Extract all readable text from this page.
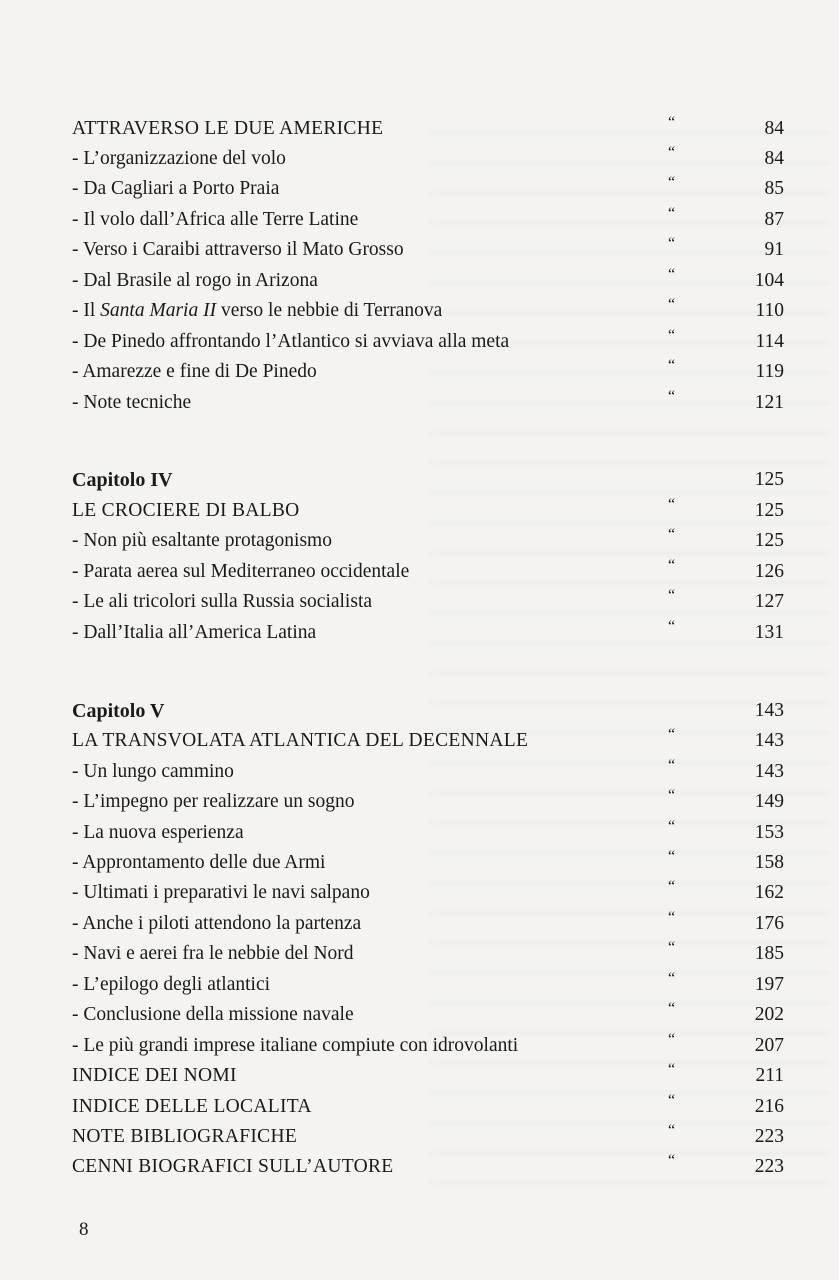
ATTRAVERSO LE DUE AMERICHE	“	84
- L’organizzazione del volo	“	84
- Da Cagliari a Porto Praia	“	85
- Il volo dall’Africa alle Terre Latine	“	87
- Verso i Caraibi attraverso il Mato Grosso	“	91
- Dal Brasile al rogo in Arizona	“	104
- Il Santa Maria II verso le nebbie di Terranova	“	110
- De Pinedo affrontando l’Atlantico si avviava alla meta	“	114
- Amarezze e fine di De Pinedo	“	119
- Note tecniche	“	121
Capitolo IV	125
LE CROCIERE DI BALBO	“	125
- Non più esaltante protagonismo	“	125
- Parata aerea sul Mediterraneo occidentale	“	126
- Le ali tricolori sulla Russia socialista	“	127
- Dall’Italia all’America Latina	“	131
Capitolo V	143
LA TRANSVOLATA ATLANTICA DEL DECENNALE	“	143
- Un lungo cammino	“	143
- L’impegno per realizzare un sogno	“	149
- La nuova esperienza	“	153
- Approntamento delle due Armi	“	158
- Ultimati i preparativi le navi salpano	“	162
- Anche i piloti attendono la partenza	“	176
- Navi e aerei fra le nebbie del Nord	“	185
- L’epilogo degli atlantici	“	197
- Conclusione della missione navale	“	202
- Le più grandi imprese italiane compiute con idrovolanti	“	207
INDICE DEI NOMI	“	211
INDICE DELLE LOCALITA	“	216
NOTE BIBLIOGRAFICHE	“	223
CENNI BIOGRAFICI SULL’AUTORE	“	223
8
